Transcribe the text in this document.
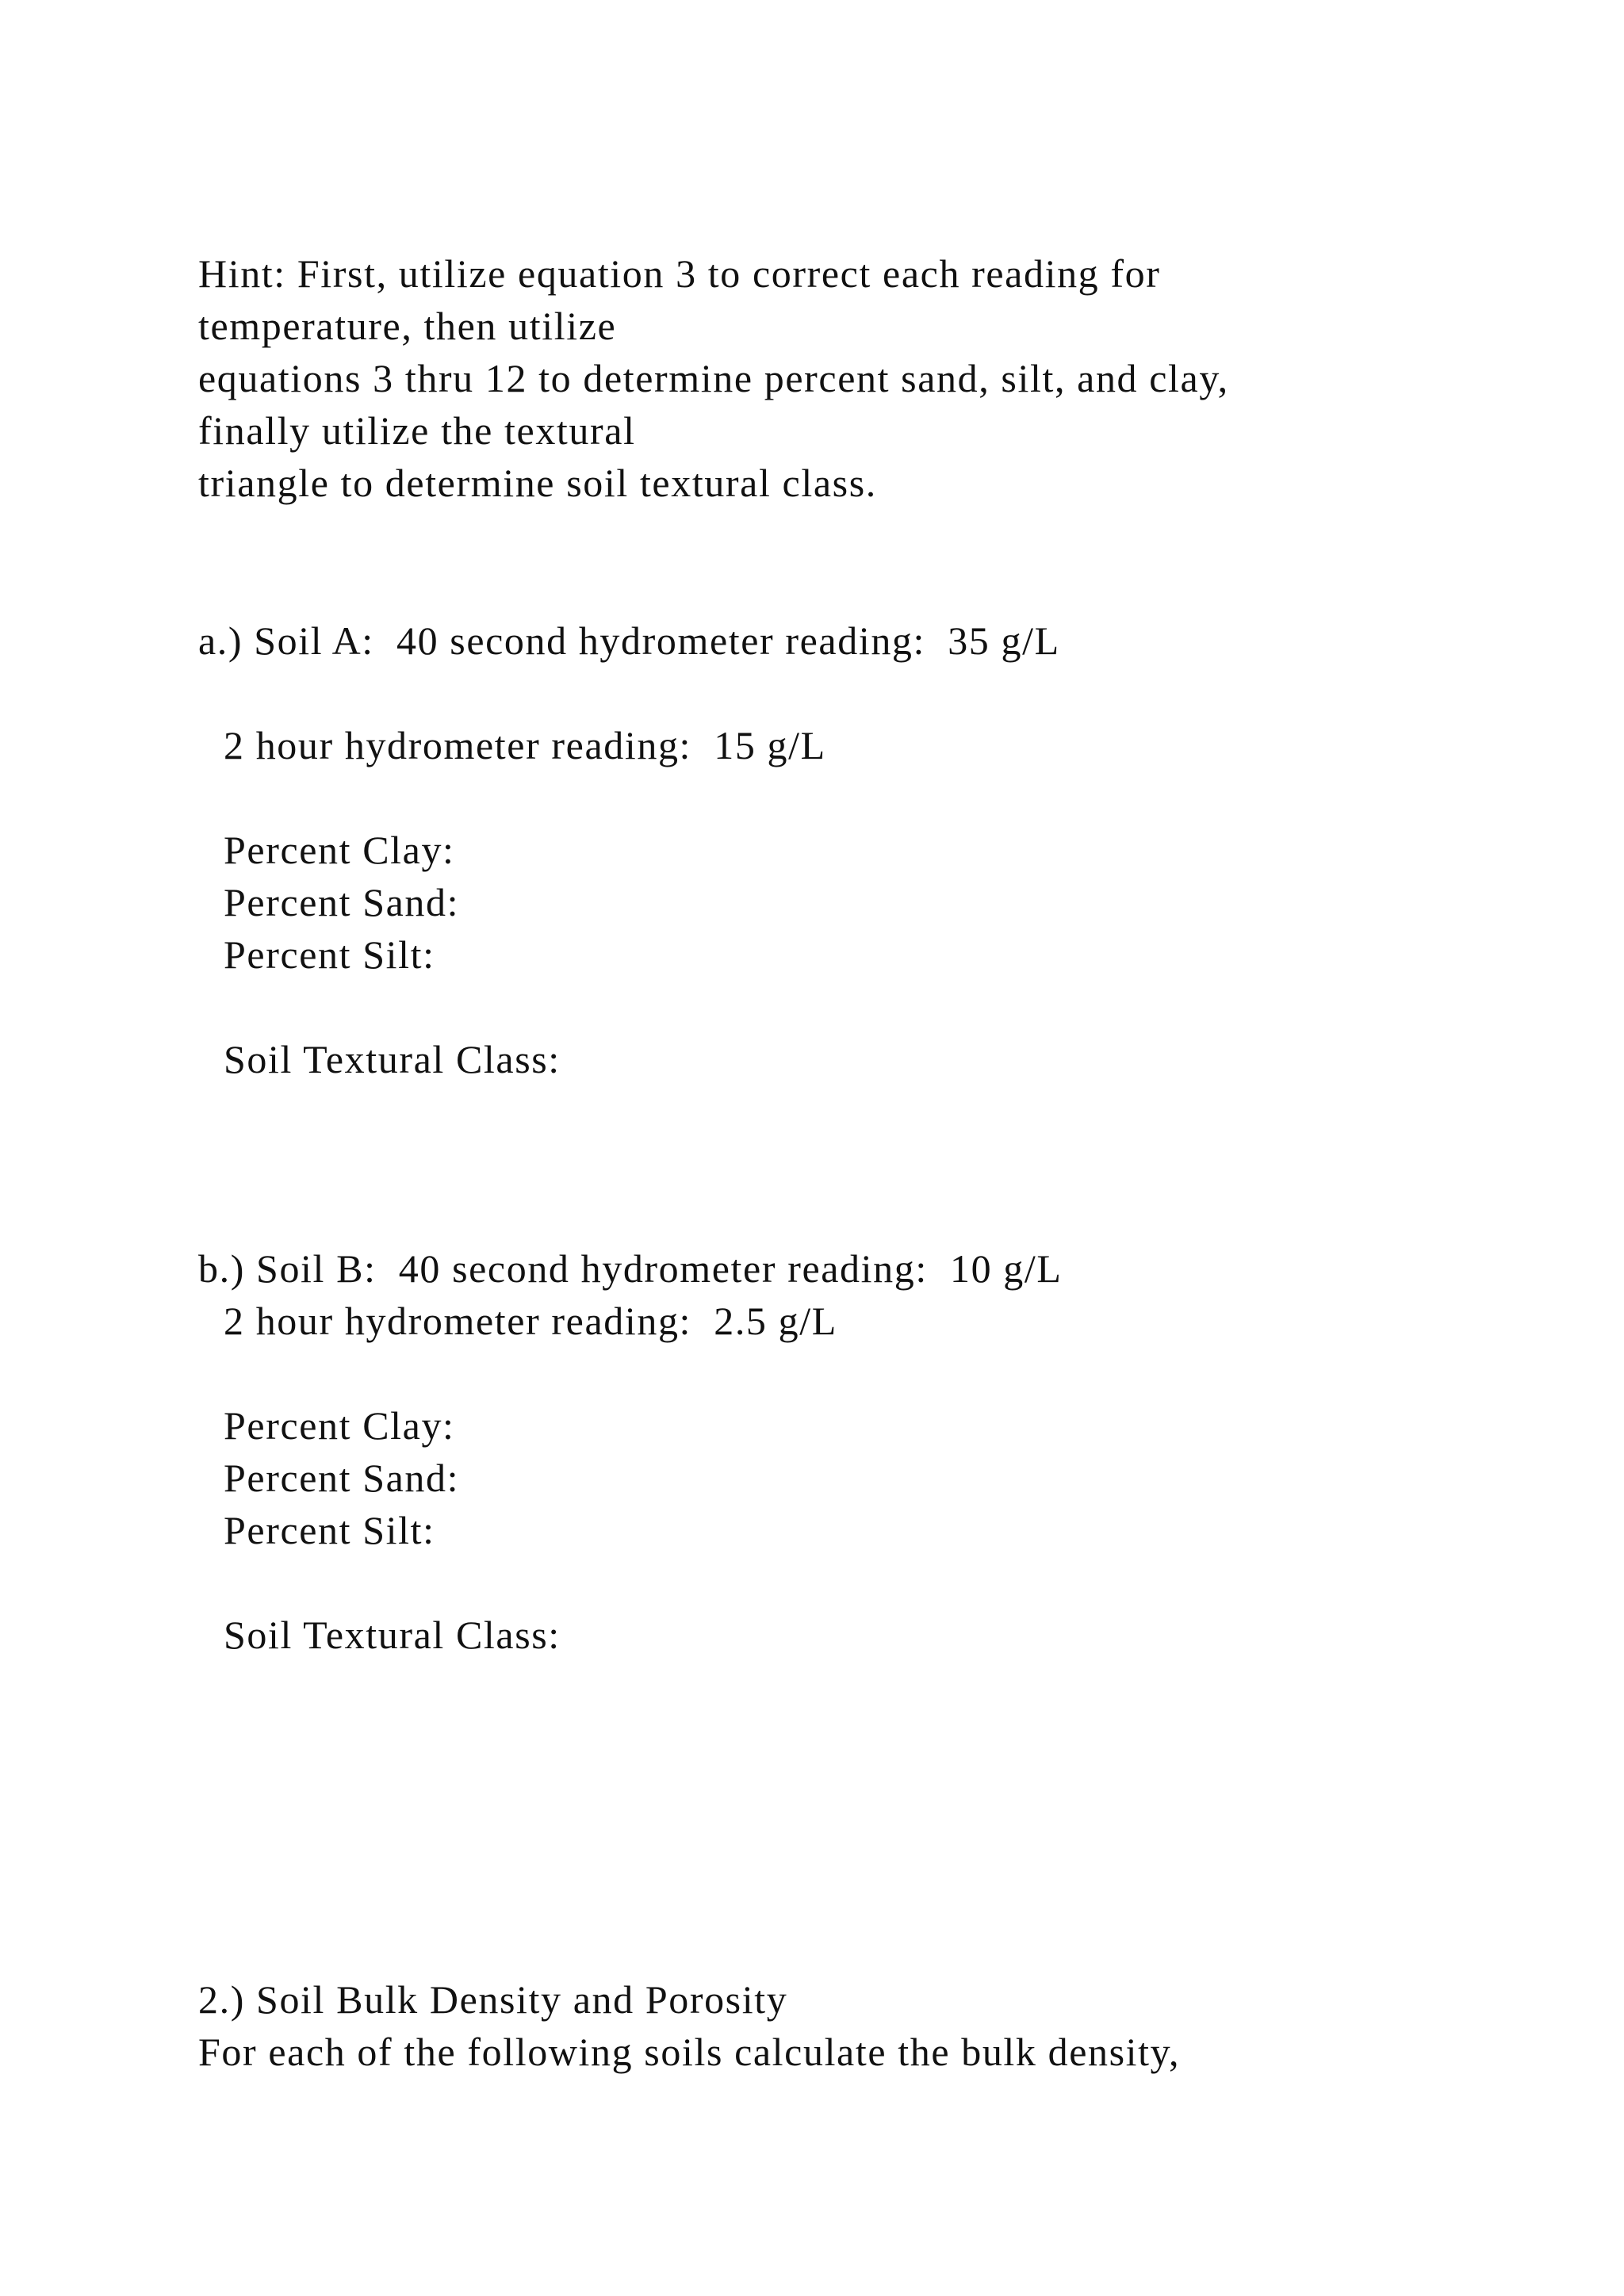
Hint: First, utilize equation 3 to correct each reading for
temperature, then utilize
equations 3 thru 12 to determine percent sand, silt, and clay,
finally utilize the textural
triangle to determine soil textural class.
a.) Soil A:  40 second hydrometer reading:  35 g/L
2 hour hydrometer reading:  15 g/L
Percent Clay:
Percent Sand:
Percent Silt:
Soil Textural Class:
b.) Soil B:  40 second hydrometer reading:  10 g/L
2 hour hydrometer reading:  2.5 g/L
Percent Clay:
Percent Sand:
Percent Silt:
Soil Textural Class:
2.) Soil Bulk Density and Porosity
For each of the following soils calculate the bulk density,
